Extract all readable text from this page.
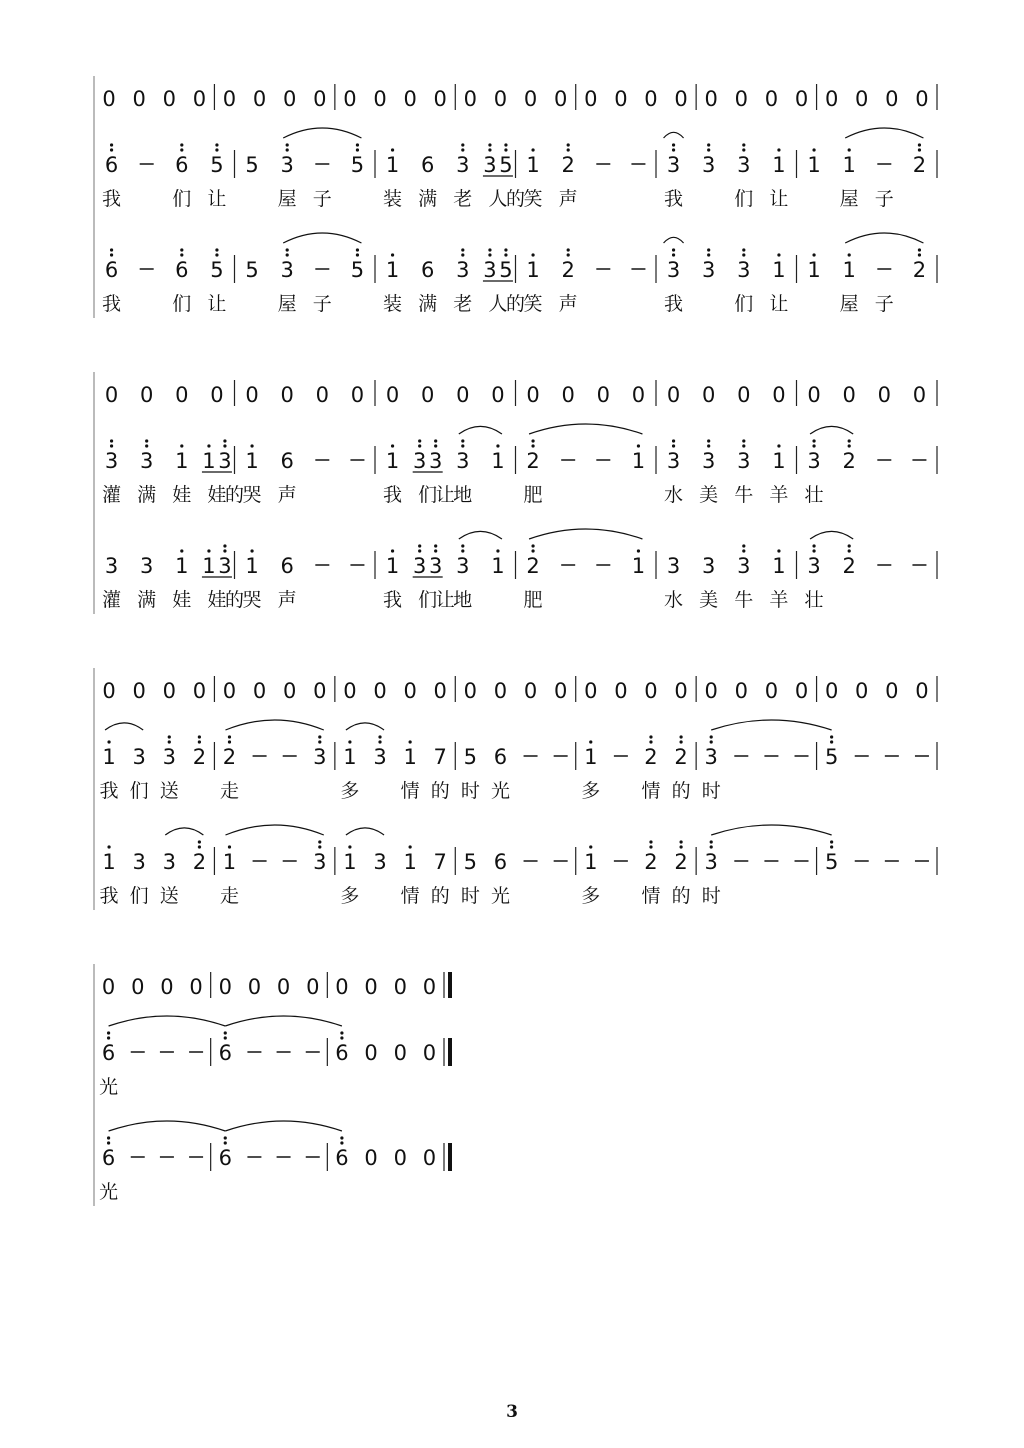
0 0 0 0 0 0 0 0 0 0 0 0 0 0 0 0 0 0 0 0 0 0 0 0 0 0 0 0
6	6 5 5 3	5 1 6 3 3 5 1 2	3 3 3 1 1 1	2
我	们 让	屋 子	装 满 老 人
的
笑 声	我	们 让	屋 子
6	6 5 5 3	5 1 6 3 3 5 1 2	3 3 3 1 1 1	2
我	们 让	屋 子	装 满 老 人
的
笑 声	我	们 让	屋 子
0 0 0 0 0 0 0 0 0 0 0 0 0 0 0 0 0 0 0 0 0 0 0 0
3 3 1 1 3 1 6	1 3 3 3 1 2	1 3 3 3 1 3 2
灌 满 娃 娃
的
哭 声	我 们
让
地	肥	水 美 牛 羊 壮
3 3 1 1 3 1 6	1 3 3 3 1 2	1 3 3 3 1 3 2
灌 满 娃 娃
的
哭 声	我 们
让
地	肥	水 美 牛 羊 壮
0 0 0 0 0 0 0 0 0 0 0 0 0 0 0 0 0 0 0 0 0 0 0 0 0 0 0 0
1 3 3 2 2	3 1 3 1 7 5 6	1 2 2 3	5
我 们 送 走	多 情 的 时 光	多 情 的 时
1 3 3 2 1	3 1 3 1 7 5 6	1 2 2 3	5
我 们 送 走	多 情 的 时 光	多 情 的 时
0 0 0 0 0 0 0 0 0 0 0 0
6	6	6 0 0 0
光
6	6	6 0 0 0
光
3
